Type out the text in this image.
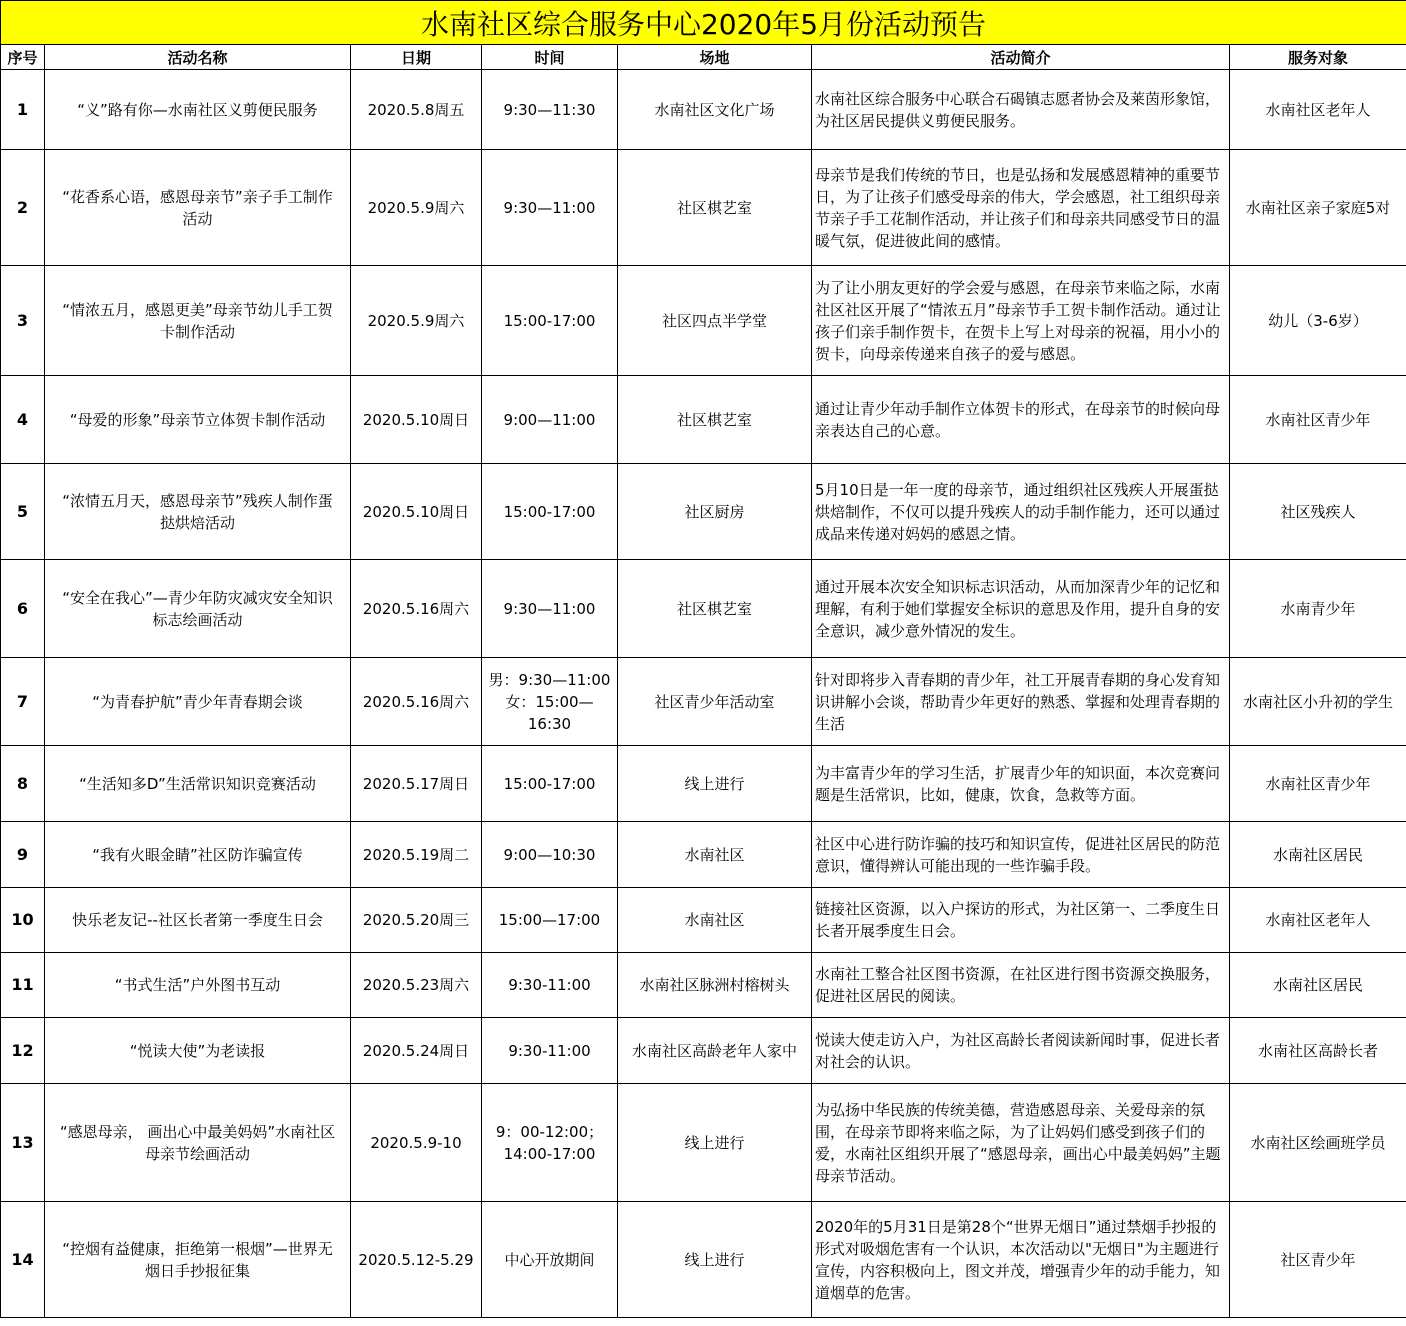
水南社区综合服务中心2020年5月份活动预告						
序号	活动名称	日期	时间	场地	活动简介	服务对象
1	“义”路有你—水南社区义剪便民服务	2020.5.8周五	9:30—11:30	水南社区文化广场	水南社区综合服务中心联合石碣镇志愿者协会及莱茵形象馆，为社区居民提供义剪便民服务。	水南社区老年人
2	“花香系心语，感恩母亲节”亲子手工制作活动	2020.5.9周六	9:30—11:00	社区棋艺室	母亲节是我们传统的节日，也是弘扬和发展感恩精神的重要节日，为了让孩子们感受母亲的伟大，学会感恩，社工组织母亲节亲子手工花制作活动，并让孩子们和母亲共同感受节日的温暖气氛，促进彼此间的感情。	水南社区亲子家庭5对
3	“情浓五月，感恩更美”母亲节幼儿手工贺卡制作活动	2020.5.9周六	15:00-17:00	社区四点半学堂	为了让小朋友更好的学会爱与感恩，在母亲节来临之际，水南社区社区开展了“情浓五月”母亲节手工贺卡制作活动。通过让孩子们亲手制作贺卡，在贺卡上写上对母亲的祝福，用小小的贺卡，向母亲传递来自孩子的爱与感恩。	幼儿（3-6岁）
4	“母爱的形象”母亲节立体贺卡制作活动	2020.5.10周日	9:00—11:00	社区棋艺室	通过让青少年动手制作立体贺卡的形式，在母亲节的时候向母亲表达自己的心意。	水南社区青少年
5	“浓情五月天，感恩母亲节”残疾人制作蛋挞烘焙活动	2020.5.10周日	15:00-17:00	社区厨房	5月10日是一年一度的母亲节，通过组织社区残疾人开展蛋挞烘焙制作，不仅可以提升残疾人的动手制作能力，还可以通过成品来传递对妈妈的感恩之情。	社区残疾人
6	“安全在我心”—青少年防灾减灾安全知识标志绘画活动	2020.5.16周六	9:30—11:00	社区棋艺室	通过开展本次安全知识标志识活动，从而加深青少年的记忆和理解，有利于她们掌握安全标识的意思及作用，提升自身的安全意识，减少意外情况的发生。	水南青少年
7	“为青春护航”青少年青春期会谈	2020.5.16周六	男：9:30—11:00
女：15:00—16:30	社区青少年活动室	针对即将步入青春期的青少年，社工开展青春期的身心发育知识讲解小会谈，帮助青少年更好的熟悉、掌握和处理青春期的生活	水南社区小升初的学生
8	“生活知多D”生活常识知识竞赛活动	2020.5.17周日	15:00-17:00	线上进行	为丰富青少年的学习生活，扩展青少年的知识面，本次竞赛问题是生活常识，比如，健康，饮食，急救等方面。	水南社区青少年
9	“我有火眼金睛”社区防诈骗宣传	2020.5.19周二	9:00—10:30	水南社区	社区中心进行防诈骗的技巧和知识宣传，促进社区居民的防范意识，懂得辨认可能出现的一些诈骗手段。	水南社区居民
10	快乐老友记--社区长者第一季度生日会	2020.5.20周三	15:00—17:00	水南社区	链接社区资源，以入户探访的形式，为社区第一、二季度生日长者开展季度生日会。	水南社区老年人
11	“书式生活”户外图书互动	2020.5.23周六	9:30-11:00	水南社区脉洲村榕树头	水南社工整合社区图书资源，在社区进行图书资源交换服务，促进社区居民的阅读。	水南社区居民
12	“悦读大使”为老读报	2020.5.24周日	9:30-11:00	水南社区高龄老年人家中	悦读大使走访入户，为社区高龄长者阅读新闻时事，促进长者对社会的认识。	水南社区高龄长者
13	“感恩母亲， 画出心中最美妈妈”水南社区母亲节绘画活动	2020.5.9-10	9：00-12:00；
14:00-17:00	线上进行	为弘扬中华民族的传统美德，营造感恩母亲、关爱母亲的氛围，在母亲节即将来临之际，为了让妈妈们感受到孩子们的爱，水南社区组织开展了“感恩母亲，画出心中最美妈妈”主题母亲节活动。	水南社区绘画班学员
14	“控烟有益健康，拒绝第一根烟”—世界无烟日手抄报征集	2020.5.12-5.29	中心开放期间	线上进行	2020年的5月31日是第28个“世界无烟日”通过禁烟手抄报的形式对吸烟危害有一个认识，本次活动以"无烟日"为主题进行宣传，内容积极向上，图文并茂，增强青少年的动手能力，知道烟草的危害。	社区青少年
